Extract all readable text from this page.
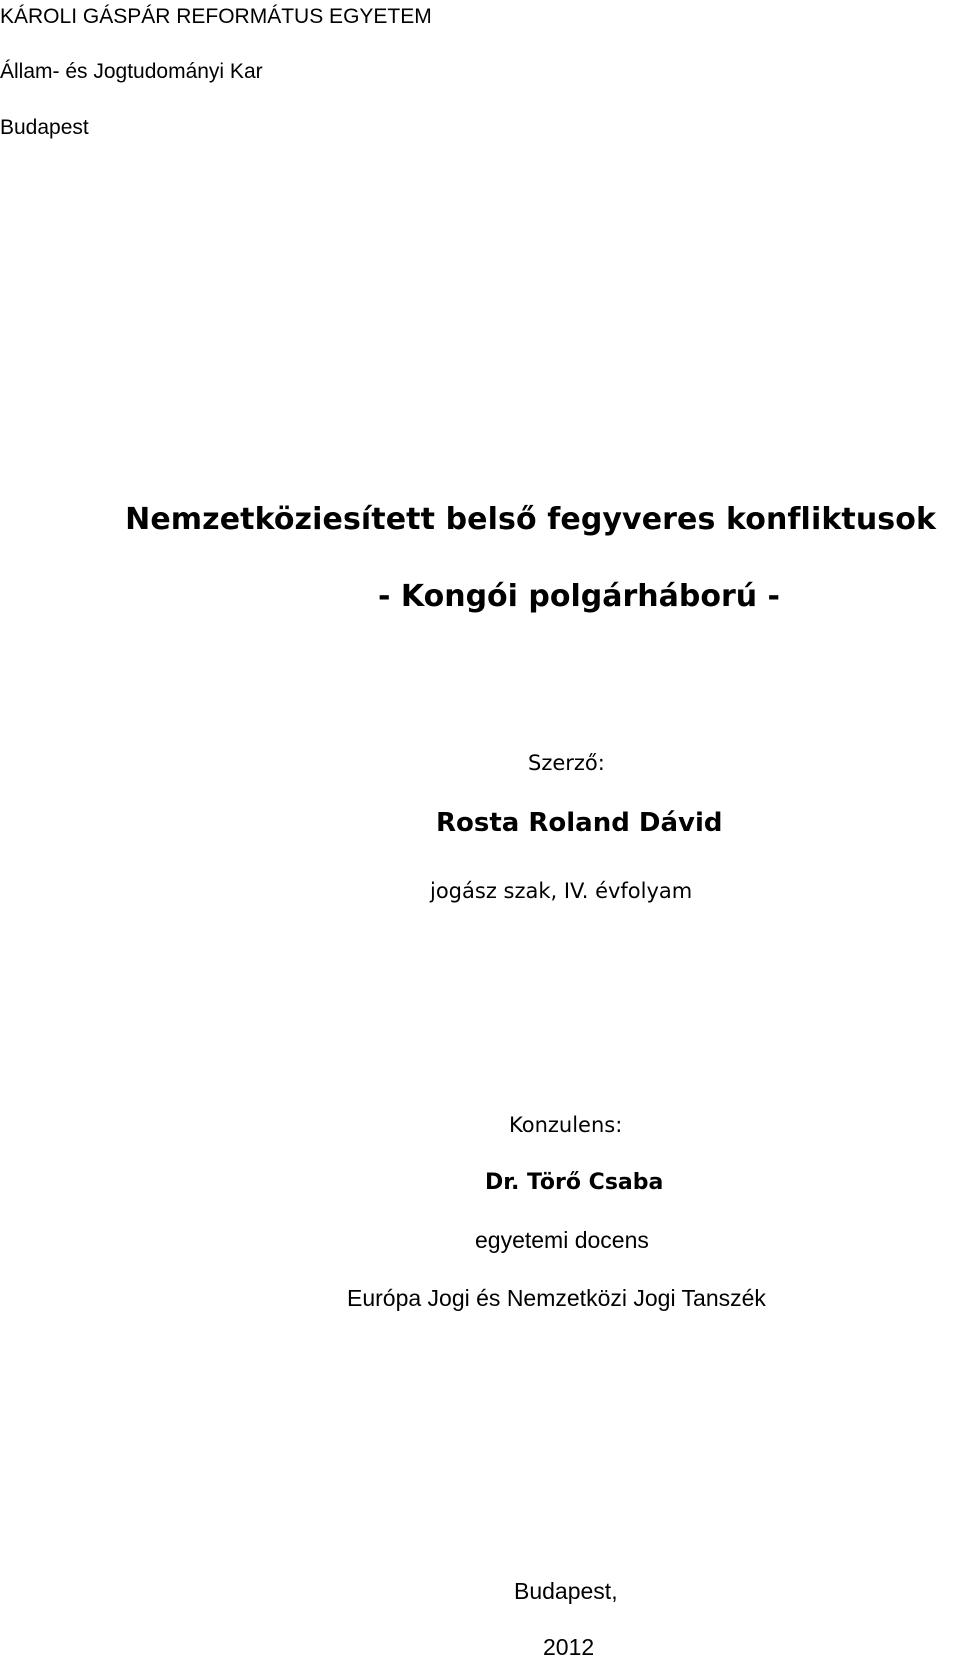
KÁROLI GÁSPÁR REFORMÁTUS EGYETEM
Állam- és Jogtudományi Kar
Budapest
Nemzetköziesített belső fegyveres konfliktusok
- Kongói polgárháború -
Szerző:
Rosta Roland Dávid
jogász szak, IV. évfolyam
Konzulens:
Dr. Törő Csaba
egyetemi docens
Európa Jogi és Nemzetközi Jogi Tanszék
Budapest,
2012
